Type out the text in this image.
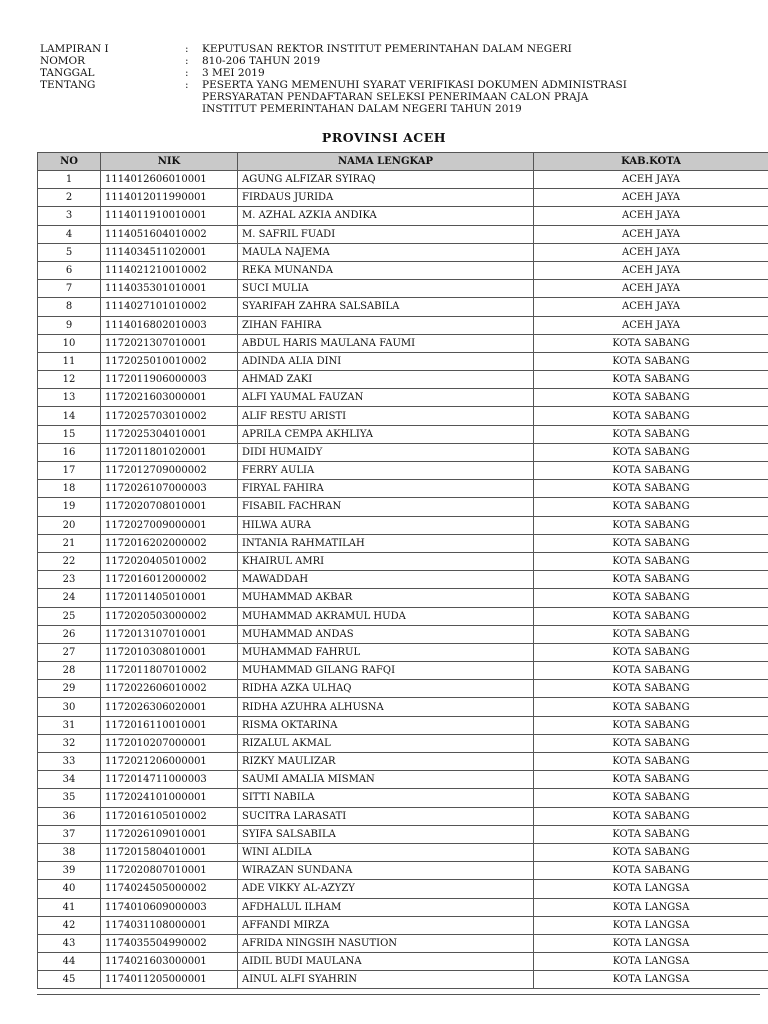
LAMPIRAN I	:	KEPUTUSAN REKTOR INSTITUT PEMERINTAHAN DALAM NEGERI
NOMOR	:	810-206 TAHUN 2019
TANGGAL	:	3 MEI 2019
TENTANG	:	PESERTA YANG MEMENUHI SYARAT VERIFIKASI DOKUMEN ADMINISTRASI
PERSYARATAN PENDAFTARAN SELEKSI PENERIMAAN CALON PRAJA
INSTITUT PEMERINTAHAN DALAM NEGERI TAHUN 2019
PROVINSI ACEH
NO	NIK	NAMA LENGKAP	KAB.KOTA
1	1114012606010001	AGUNG ALFIZAR SYIRAQ	ACEH JAYA
2	1114012011990001	FIRDAUS JURIDA	ACEH JAYA
3	1114011910010001	M. AZHAL AZKIA ANDIKA	ACEH JAYA
4	1114051604010002	M. SAFRIL FUADI	ACEH JAYA
5	1114034511020001	MAULA NAJEMA	ACEH JAYA
6	1114021210010002	REKA MUNANDA	ACEH JAYA
7	1114035301010001	SUCI MULIA	ACEH JAYA
8	1114027101010002	SYARIFAH ZAHRA SALSABILA	ACEH JAYA
9	1114016802010003	ZIHAN FAHIRA	ACEH JAYA
10	1172021307010001	ABDUL HARIS MAULANA FAUMI	KOTA SABANG
11	1172025010010002	ADINDA ALIA DINI	KOTA SABANG
12	1172011906000003	AHMAD ZAKI	KOTA SABANG
13	1172021603000001	ALFI YAUMAL FAUZAN	KOTA SABANG
14	1172025703010002	ALIF RESTU ARISTI	KOTA SABANG
15	1172025304010001	APRILA CEMPA AKHLIYA	KOTA SABANG
16	1172011801020001	DIDI HUMAIDY	KOTA SABANG
17	1172012709000002	FERRY AULIA	KOTA SABANG
18	1172026107000003	FIRYAL FAHIRA	KOTA SABANG
19	1172020708010001	FISABIL FACHRAN	KOTA SABANG
20	1172027009000001	HILWA AURA	KOTA SABANG
21	1172016202000002	INTANIA RAHMATILAH	KOTA SABANG
22	1172020405010002	KHAIRUL AMRI	KOTA SABANG
23	1172016012000002	MAWADDAH	KOTA SABANG
24	1172011405010001	MUHAMMAD AKBAR	KOTA SABANG
25	1172020503000002	MUHAMMAD AKRAMUL HUDA	KOTA SABANG
26	1172013107010001	MUHAMMAD ANDAS	KOTA SABANG
27	1172010308010001	MUHAMMAD FAHRUL	KOTA SABANG
28	1172011807010002	MUHAMMAD GILANG RAFQI	KOTA SABANG
29	1172022606010002	RIDHA AZKA ULHAQ	KOTA SABANG
30	1172026306020001	RIDHA AZUHRA ALHUSNA	KOTA SABANG
31	1172016110010001	RISMA OKTARINA	KOTA SABANG
32	1172010207000001	RIZALUL AKMAL	KOTA SABANG
33	1172021206000001	RIZKY MAULIZAR	KOTA SABANG
34	1172014711000003	SAUMI AMALIA MISMAN	KOTA SABANG
35	1172024101000001	SITTI NABILA	KOTA SABANG
36	1172016105010002	SUCITRA LARASATI	KOTA SABANG
37	1172026109010001	SYIFA SALSABILA	KOTA SABANG
38	1172015804010001	WINI ALDILA	KOTA SABANG
39	1172020807010001	WIRAZAN SUNDANA	KOTA SABANG
40	1174024505000002	ADE VIKKY AL-AZYZY	KOTA LANGSA
41	1174010609000003	AFDHALUL ILHAM	KOTA LANGSA
42	1174031108000001	AFFANDI MIRZA	KOTA LANGSA
43	1174035504990002	AFRIDA NINGSIH NASUTION	KOTA LANGSA
44	1174021603000001	AIDIL BUDI MAULANA	KOTA LANGSA
45	1174011205000001	AINUL ALFI SYAHRIN	KOTA LANGSA
